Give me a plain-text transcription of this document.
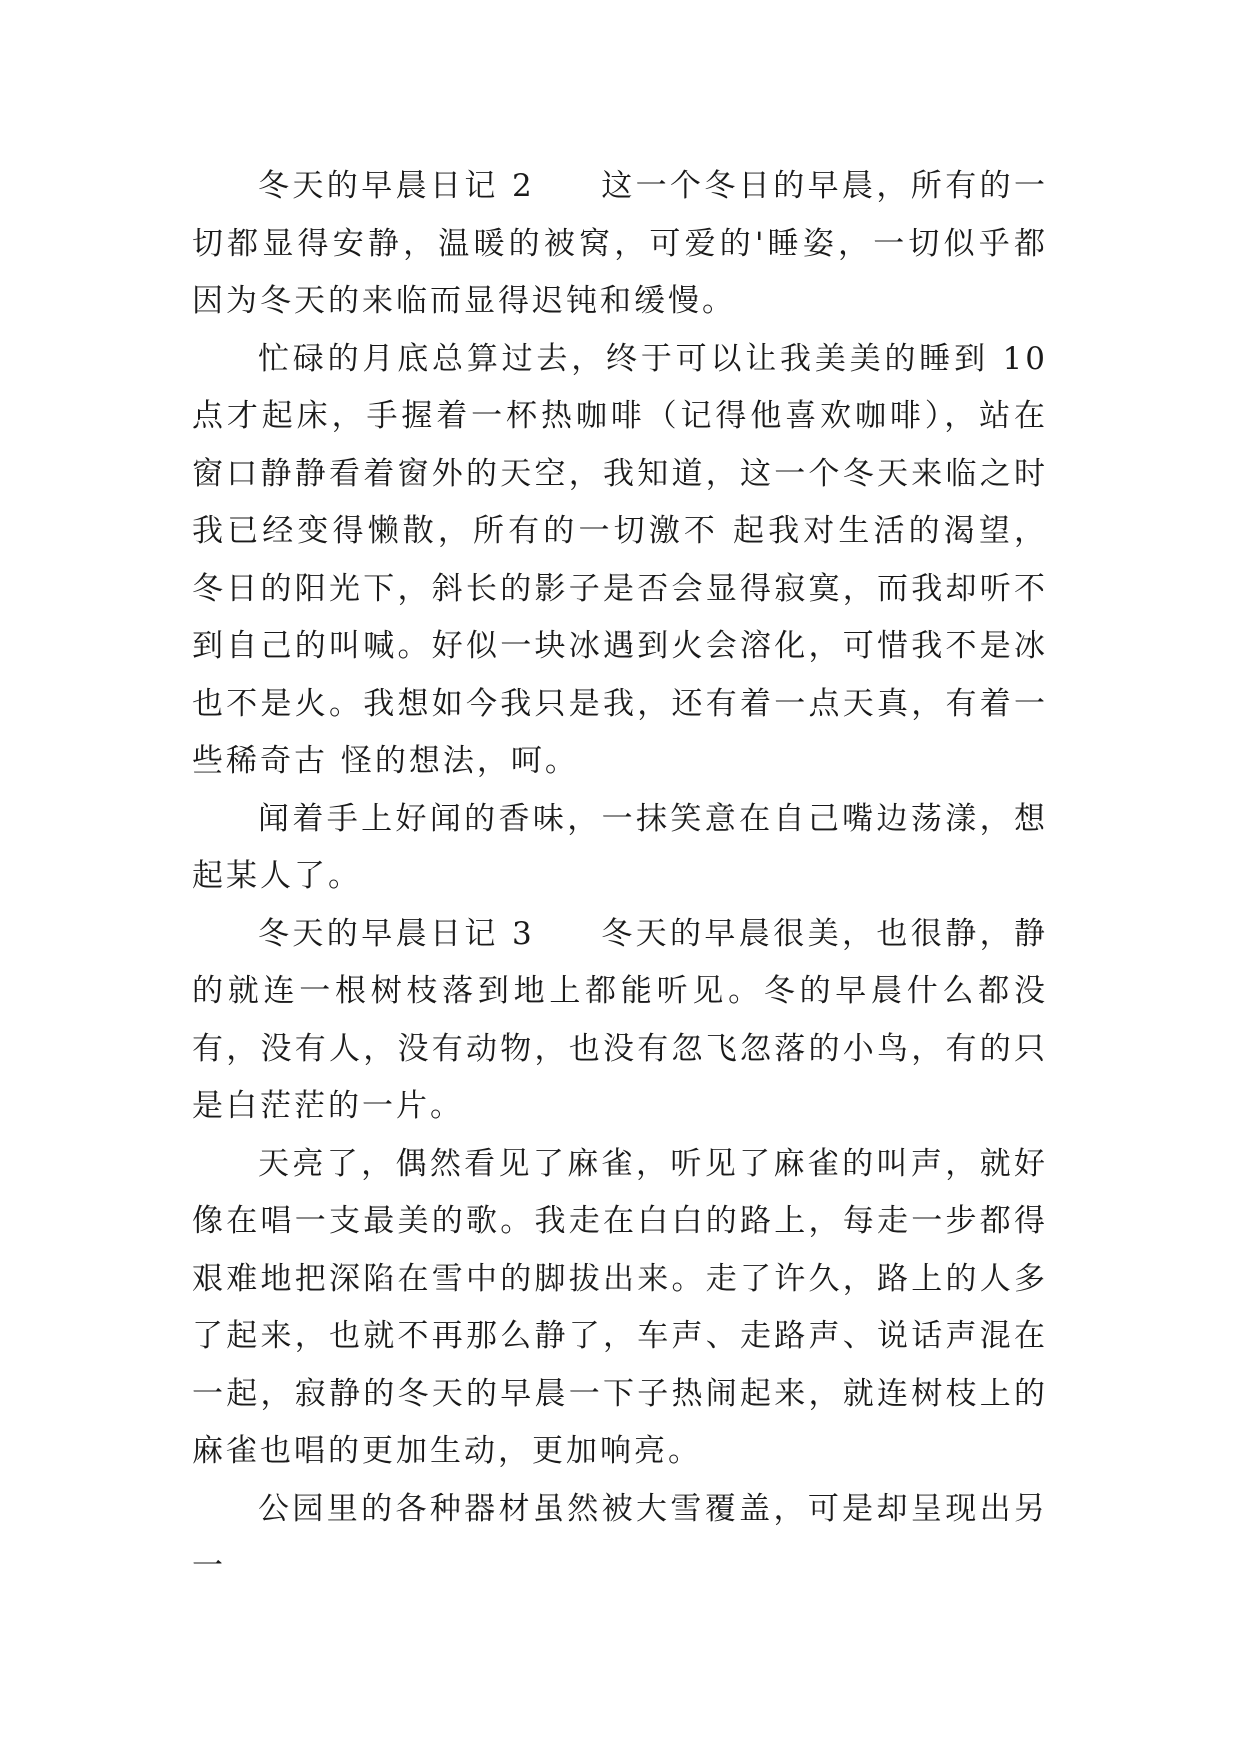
冬天的早晨日记 2 这一个冬日的早晨，所有的一切都显得安静，温暖的被窝，可爱的'睡姿，一切似乎都因为冬天的来临而显得迟钝和缓慢。

忙碌的月底总算过去，终于可以让我美美的睡到 10 点才起床，手握着一杯热咖啡（记得他喜欢咖啡），站在窗口静静看着窗外的天空，我知道，这一个冬天来临之时我已经变得懒散，所有的一切激不 起我对生活的渴望，冬日的阳光下，斜长的影子是否会显得寂寞，而我却听不到自己的叫喊。好似一块冰遇到火会溶化，可惜我不是冰也不是火。我想如今我只是我，还有着一点天真，有着一些稀奇古 怪的想法，呵。

闻着手上好闻的香味，一抹笑意在自己嘴边荡漾，想起某人了。

冬天的早晨日记 3 冬天的早晨很美，也很静，静的就连一根树枝落到地上都能听见。冬的早晨什么都没有，没有人，没有动物，也没有忽飞忽落的小鸟，有的只是白茫茫的一片。

天亮了，偶然看见了麻雀，听见了麻雀的叫声，就好像在唱一支最美的歌。我走在白白的路上，每走一步都得艰难地把深陷在雪中的脚拔出来。走了许久，路上的人多了起来，也就不再那么静了，车声、走路声、说话声混在一起，寂静的冬天的早晨一下子热闹起来，就连树枝上的麻雀也唱的更加生动，更加响亮。

公园里的各种器材虽然被大雪覆盖，可是却呈现出另一
